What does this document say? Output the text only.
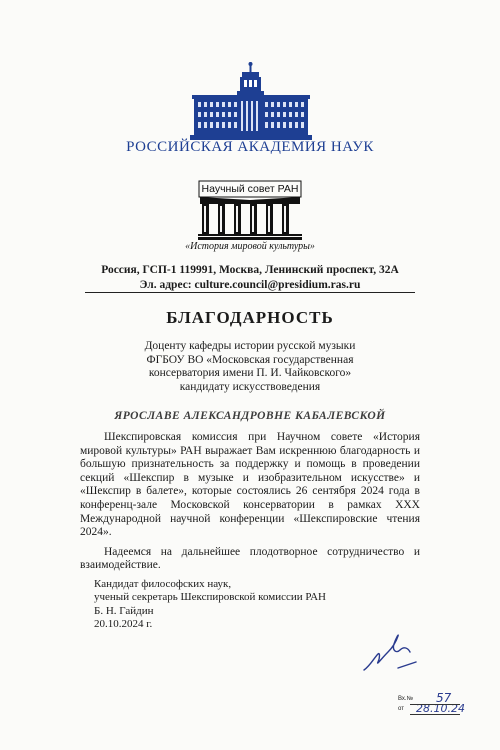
РОССИЙСКАЯ АКАДЕМИЯ НАУК
Научный совет РАН
«История мировой культуры»
Россия, ГСП-1 119991, Москва, Ленинский проспект, 32А
Эл. адрес: culture.council@presidium.ras.ru
БЛАГОДАРНОСТЬ
Доценту кафедры истории русской музыки
ФГБОУ ВО «Московская государственная
консерватория имени П. И. Чайковского»
кандидату искусствоведения
ЯРОСЛАВЕ АЛЕКСАНДРОВНЕ КАБАЛЕВСКОЙ

Шекспировская комиссия при Научном совете «История мировой культуры» РАН выражает Вам искреннюю благодарность и большую признательность за поддержку и помощь в проведении секций «Шекспир в музыке и изобразительном искусстве» и «Шекспир в балете», которые состоялись 26 сентября 2024 года в конференц-зале Московской консерватории в рамках XXX Международной научной конференции «Шекспировские чтения 2024».

Надеемся на дальнейшее плодотворное сотрудничество и взаимодействие.

Кандидат философских наук,
ученый секретарь Шекспировской комиссии РАН
Б. Н. Гайдин
20.10.2024 г.
Вх.№
от
57
28.10.24
